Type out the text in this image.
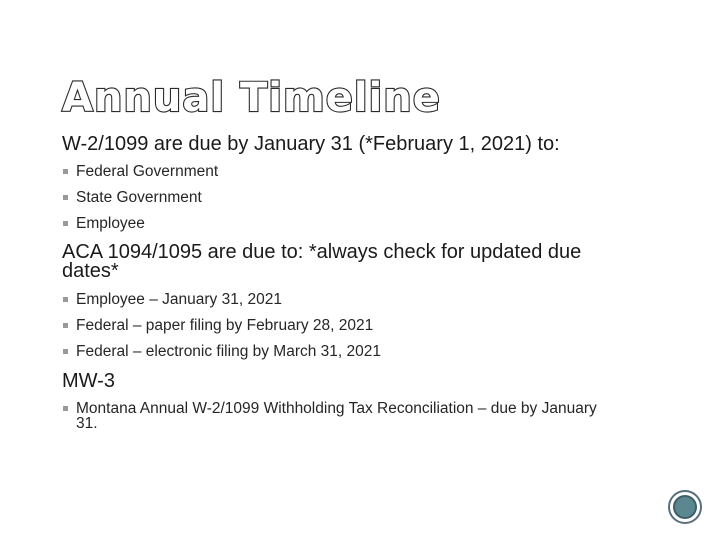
Annual Timeline
W-2/1099 are due by January 31 (*February 1, 2021) to:
Federal Government
State Government
Employee
ACA 1094/1095 are due to: *always check for updated due dates*
Employee – January 31, 2021
Federal – paper filing by February 28, 2021
Federal – electronic filing by March 31, 2021
MW-3
Montana Annual W-2/1099 Withholding Tax Reconciliation – due by January 31.
